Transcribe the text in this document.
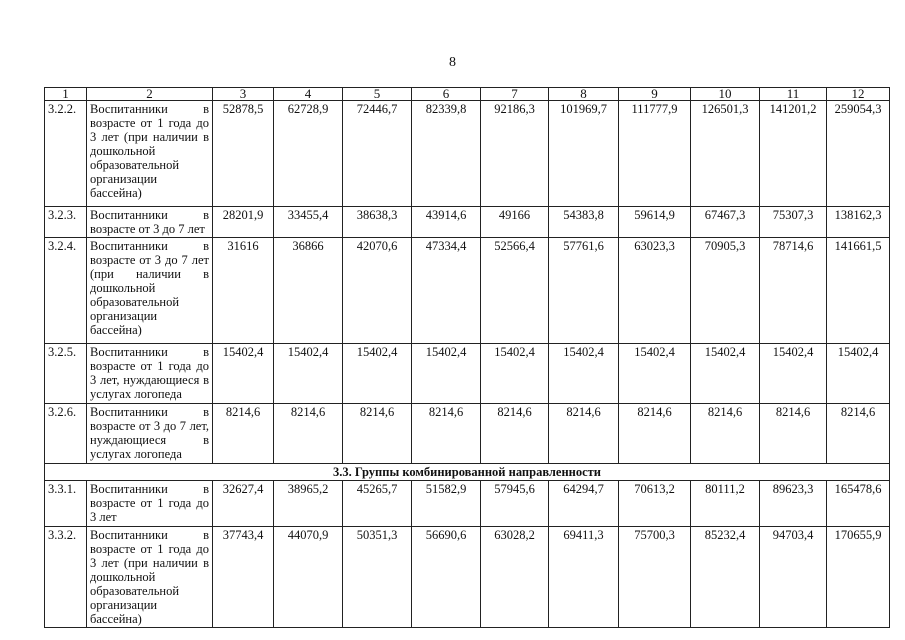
8
1	2	3	4	5	6	7	8	9	10	11	12
3.2.2.	Воспитанники в возрасте от 1 года до 3 лет (при наличии в дошкольной образовательной организации бассейна)	52878,5	62728,9	72446,7	82339,8	92186,3	101969,7	111777,9	126501,3	141201,2	259054,3
3.2.3.	Воспитанники в возрасте от 3 до 7 лет	28201,9	33455,4	38638,3	43914,6	49166	54383,8	59614,9	67467,3	75307,3	138162,3
3.2.4.	Воспитанники в возрасте от 3 до 7 лет (при наличии в дошкольной образовательной организации бассейна)	31616	36866	42070,6	47334,4	52566,4	57761,6	63023,3	70905,3	78714,6	141661,5
3.2.5.	Воспитанники в возрасте от 1 года до 3 лет, нуждающиеся в услугах логопеда	15402,4	15402,4	15402,4	15402,4	15402,4	15402,4	15402,4	15402,4	15402,4	15402,4
3.2.6.	Воспитанники в возрасте от 3 до 7 лет, нуждающиеся в услугах логопеда	8214,6	8214,6	8214,6	8214,6	8214,6	8214,6	8214,6	8214,6	8214,6	8214,6
3.3. Группы комбинированной направленности											
3.3.1.	Воспитанники в возрасте от 1 года до 3 лет	32627,4	38965,2	45265,7	51582,9	57945,6	64294,7	70613,2	80111,2	89623,3	165478,6
3.3.2.	Воспитанники в возрасте от 1 года до 3 лет (при наличии в дошкольной образовательной организации бассейна)	37743,4	44070,9	50351,3	56690,6	63028,2	69411,3	75700,3	85232,4	94703,4	170655,9
